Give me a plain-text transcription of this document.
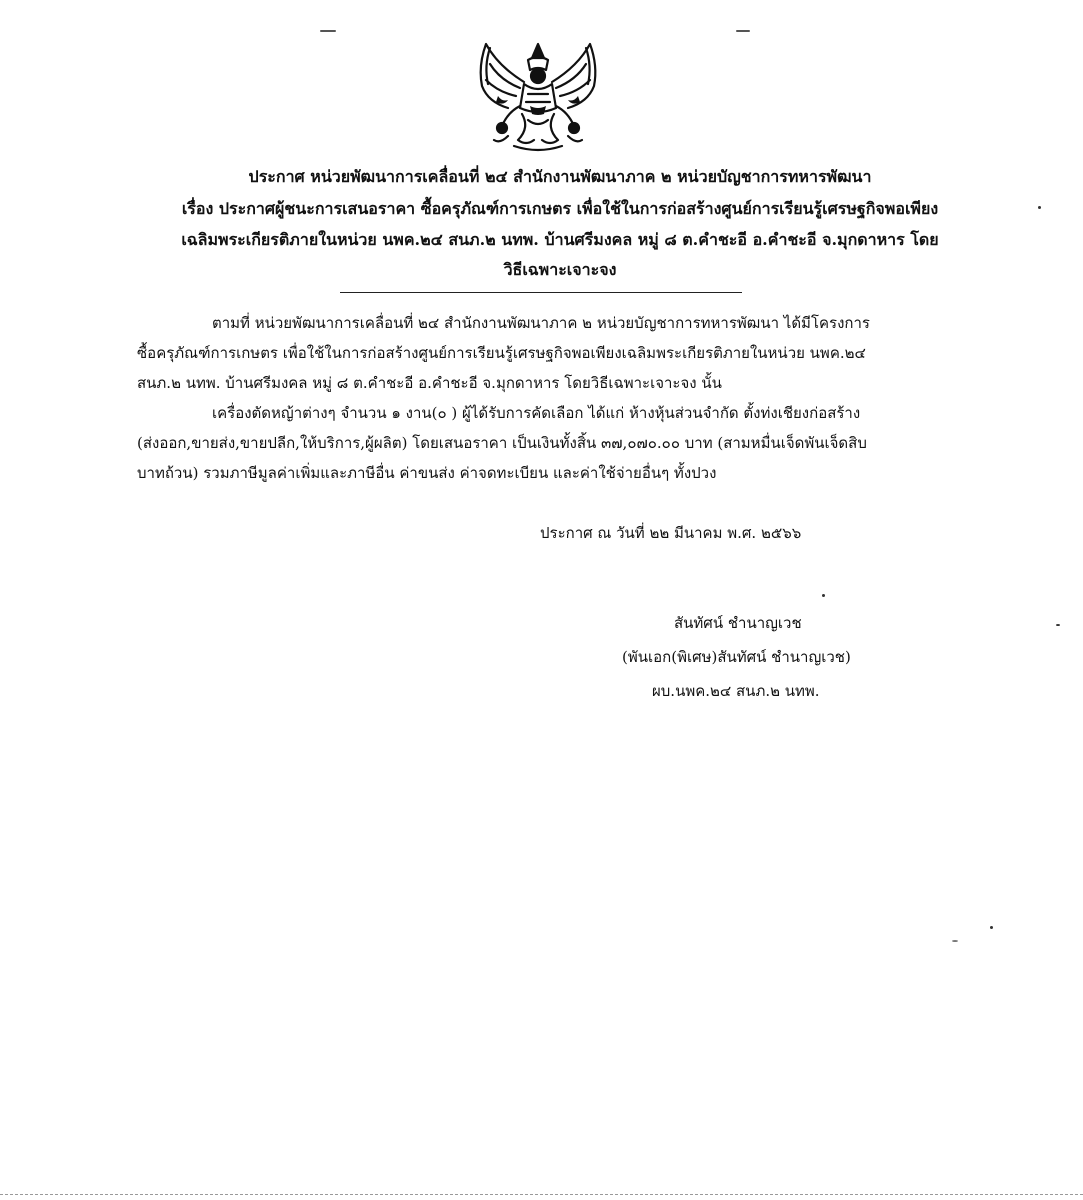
ประกาศ หน่วยพัฒนาการเคลื่อนที่ ๒๔ สำนักงานพัฒนาภาค ๒ หน่วยบัญชาการทหารพัฒนา
เรื่อง ประกาศผู้ชนะการเสนอราคา ซื้อครุภัณฑ์การเกษตร เพื่อใช้ในการก่อสร้างศูนย์การเรียนรู้เศรษฐกิจพอเพียง
เฉลิมพระเกียรติภายในหน่วย นพค.๒๔ สนภ.๒ นทพ. บ้านศรีมงคล หมู่ ๘ ต.คำชะอี อ.คำชะอี จ.มุกดาหาร โดย
วิธีเฉพาะเจาะจง
ตามที่ หน่วยพัฒนาการเคลื่อนที่ ๒๔ สำนักงานพัฒนาภาค ๒ หน่วยบัญชาการทหารพัฒนา ได้มีโครงการ
ซื้อครุภัณฑ์การเกษตร เพื่อใช้ในการก่อสร้างศูนย์การเรียนรู้เศรษฐกิจพอเพียงเฉลิมพระเกียรติภายในหน่วย นพค.๒๔
สนภ.๒ นทพ. บ้านศรีมงคล หมู่ ๘ ต.คำชะอี อ.คำชะอี จ.มุกดาหาร โดยวิธีเฉพาะเจาะจง นั้น
เครื่องตัดหญ้าต่างๆ จำนวน ๑ งาน(๐ ) ผู้ได้รับการคัดเลือก ได้แก่ ห้างหุ้นส่วนจำกัด ตั้งท่งเชียงก่อสร้าง
(ส่งออก,ขายส่ง,ขายปลีก,ให้บริการ,ผู้ผลิต) โดยเสนอราคา เป็นเงินทั้งสิ้น ๓๗,๐๗๐.๐๐ บาท (สามหมื่นเจ็ดพันเจ็ดสิบ
บาทถ้วน) รวมภาษีมูลค่าเพิ่มและภาษีอื่น ค่าขนส่ง ค่าจดทะเบียน และค่าใช้จ่ายอื่นๆ ทั้งปวง
ประกาศ ณ วันที่ ๒๒ มีนาคม พ.ศ. ๒๕๖๖
สันทัศน์ ชำนาญเวช
(พันเอก(พิเศษ)สันทัศน์ ชำนาญเวช)
ผบ.นพค.๒๔ สนภ.๒ นทพ.
